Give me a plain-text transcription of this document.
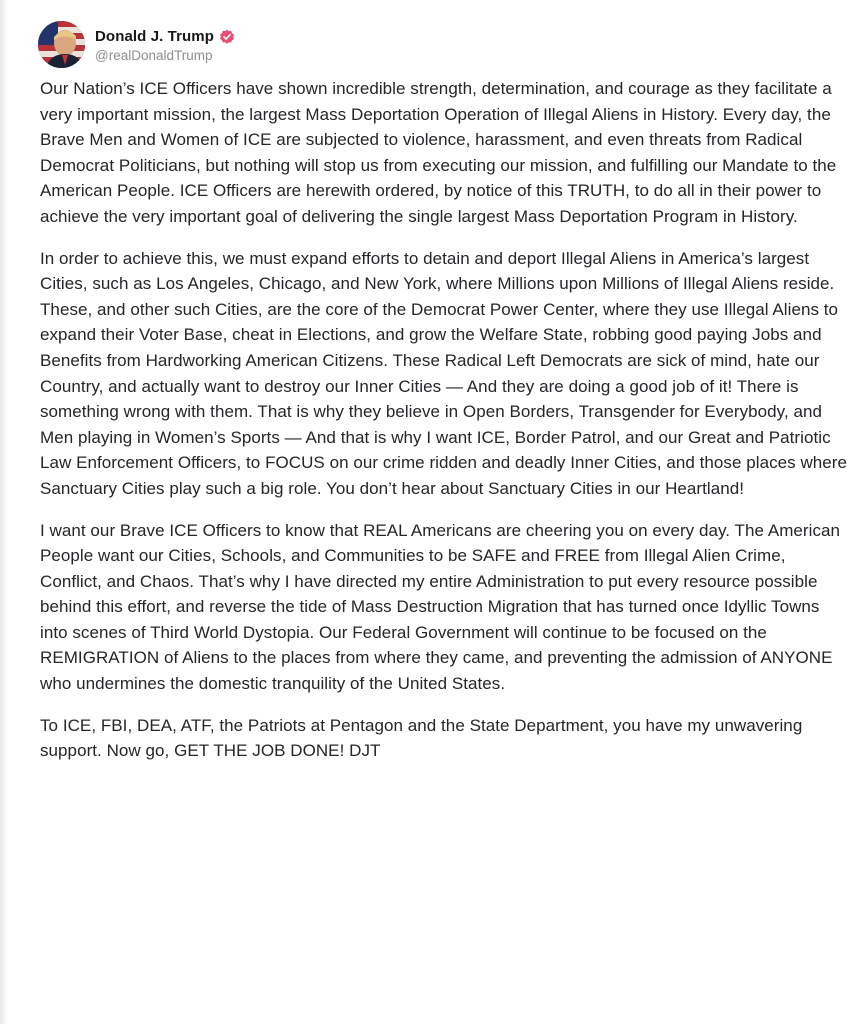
Donald J. Trump
@realDonaldTrump

Our Nation’s ICE Officers have shown incredible strength, determination, and courage as they facilitate a very important mission, the largest Mass Deportation Operation of Illegal Aliens in History. Every day, the Brave Men and Women of ICE are subjected to violence, harassment, and even threats from Radical Democrat Politicians, but nothing will stop us from executing our mission, and fulfilling our Mandate to the American People. ICE Officers are herewith ordered, by notice of this TRUTH, to do all in their power to achieve the very important goal of delivering the single largest Mass Deportation Program in History.

In order to achieve this, we must expand efforts to detain and deport Illegal Aliens in America’s largest Cities, such as Los Angeles, Chicago, and New York, where Millions upon Millions of Illegal Aliens reside. These, and other such Cities, are the core of the Democrat Power Center, where they use Illegal Aliens to expand their Voter Base, cheat in Elections, and grow the Welfare State, robbing good paying Jobs and Benefits from Hardworking American Citizens. These Radical Left Democrats are sick of mind, hate our Country, and actually want to destroy our Inner Cities — And they are doing a good job of it! There is something wrong with them. That is why they believe in Open Borders, Transgender for Everybody, and Men playing in Women’s Sports — And that is why I want ICE, Border Patrol, and our Great and Patriotic Law Enforcement Officers, to FOCUS on our crime ridden and deadly Inner Cities, and those places where Sanctuary Cities play such a big role. You don’t hear about Sanctuary Cities in our Heartland!

I want our Brave ICE Officers to know that REAL Americans are cheering you on every day. The American People want our Cities, Schools, and Communities to be SAFE and FREE from Illegal Alien Crime, Conflict, and Chaos. That’s why I have directed my entire Administration to put every resource possible behind this effort, and reverse the tide of Mass Destruction Migration that has turned once Idyllic Towns into scenes of Third World Dystopia. Our Federal Government will continue to be focused on the REMIGRATION of Aliens to the places from where they came, and preventing the admission of ANYONE who undermines the domestic tranquility of the United States.

To ICE, FBI, DEA, ATF, the Patriots at Pentagon and the State Department, you have my unwavering support. Now go, GET THE JOB DONE! DJT
